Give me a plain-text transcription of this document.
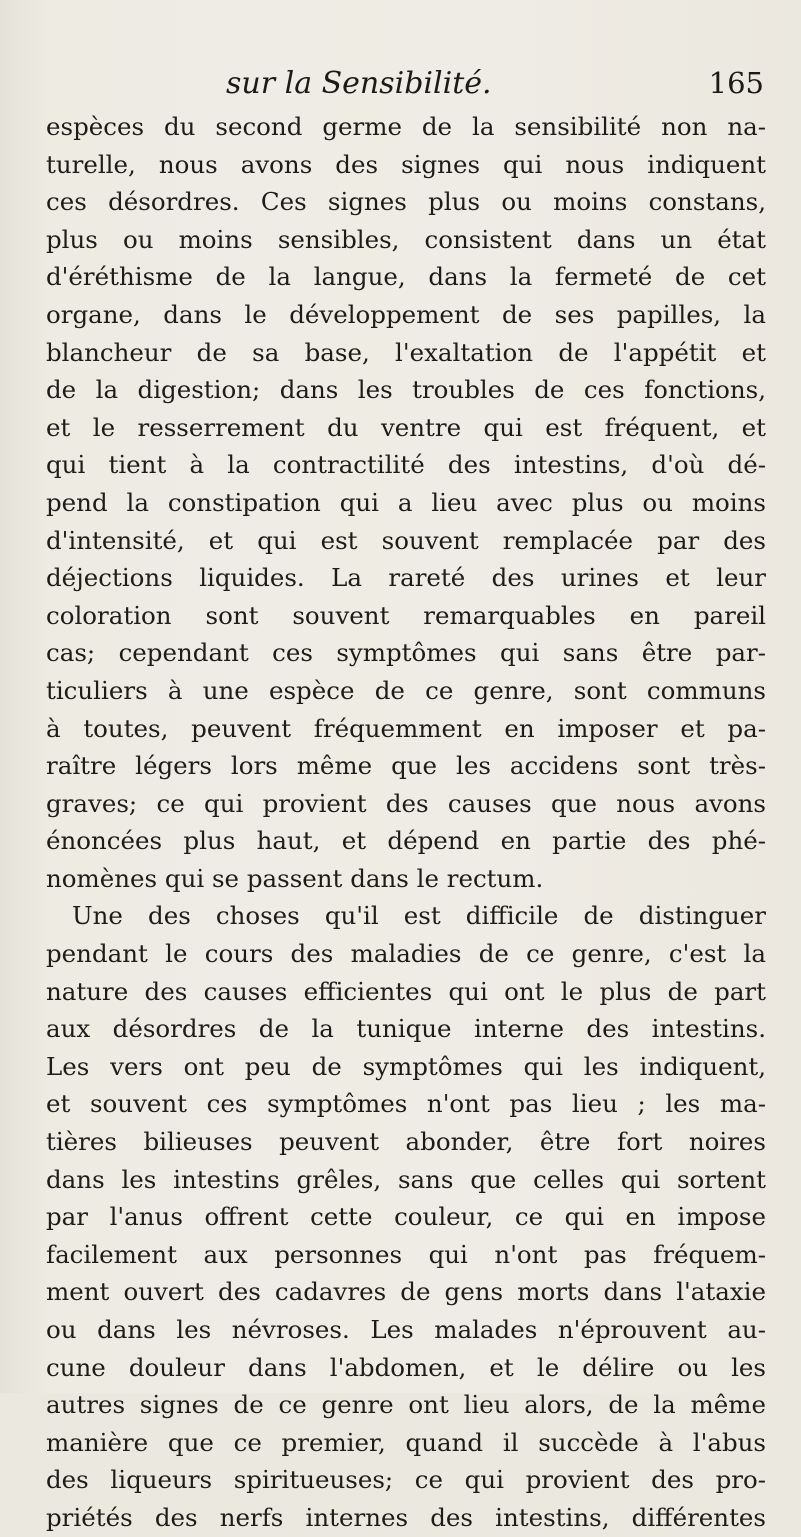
sur la Sensibilité.	165
espèces du second germe de la sensibilité non na-
turelle, nous avons des signes qui nous indiquent
ces désordres. Ces signes plus ou moins constans,
plus ou moins sensibles, consistent dans un état
d'éréthisme de la langue, dans la fermeté de cet
organe, dans le développement de ses papilles, la
blancheur de sa base, l'exaltation de l'appétit et
de la digestion; dans les troubles de ces fonctions,
et le resserrement du ventre qui est fréquent, et
qui tient à la contractilité des intestins, d'où dé-
pend la constipation qui a lieu avec plus ou moins
d'intensité, et qui est souvent remplacée par des
déjections liquides. La rareté des urines et leur
coloration sont souvent remarquables en pareil
cas; cependant ces symptômes qui sans être par-
ticuliers à une espèce de ce genre, sont communs
à toutes, peuvent fréquemment en imposer et pa-
raître légers lors même que les accidens sont très-
graves; ce qui provient des causes que nous avons
énoncées plus haut, et dépend en partie des phé-
nomènes qui se passent dans le rectum.
Une des choses qu'il est difficile de distinguer
pendant le cours des maladies de ce genre, c'est la
nature des causes efficientes qui ont le plus de part
aux désordres de la tunique interne des intestins.
Les vers ont peu de symptômes qui les indiquent,
et souvent ces symptômes n'ont pas lieu ; les ma-
tières bilieuses peuvent abonder, être fort noires
dans les intestins grêles, sans que celles qui sortent
par l'anus offrent cette couleur, ce qui en impose
facilement aux personnes qui n'ont pas fréquem-
ment ouvert des cadavres de gens morts dans l'ataxie
ou dans les névroses. Les malades n'éprouvent au-
cune douleur dans l'abdomen, et le délire ou les
autres signes de ce genre ont lieu alors, de la même
manière que ce premier, quand il succède à l'abus
des liqueurs spiritueuses; ce qui provient des pro-
priétés des nerfs internes des intestins, différentes
